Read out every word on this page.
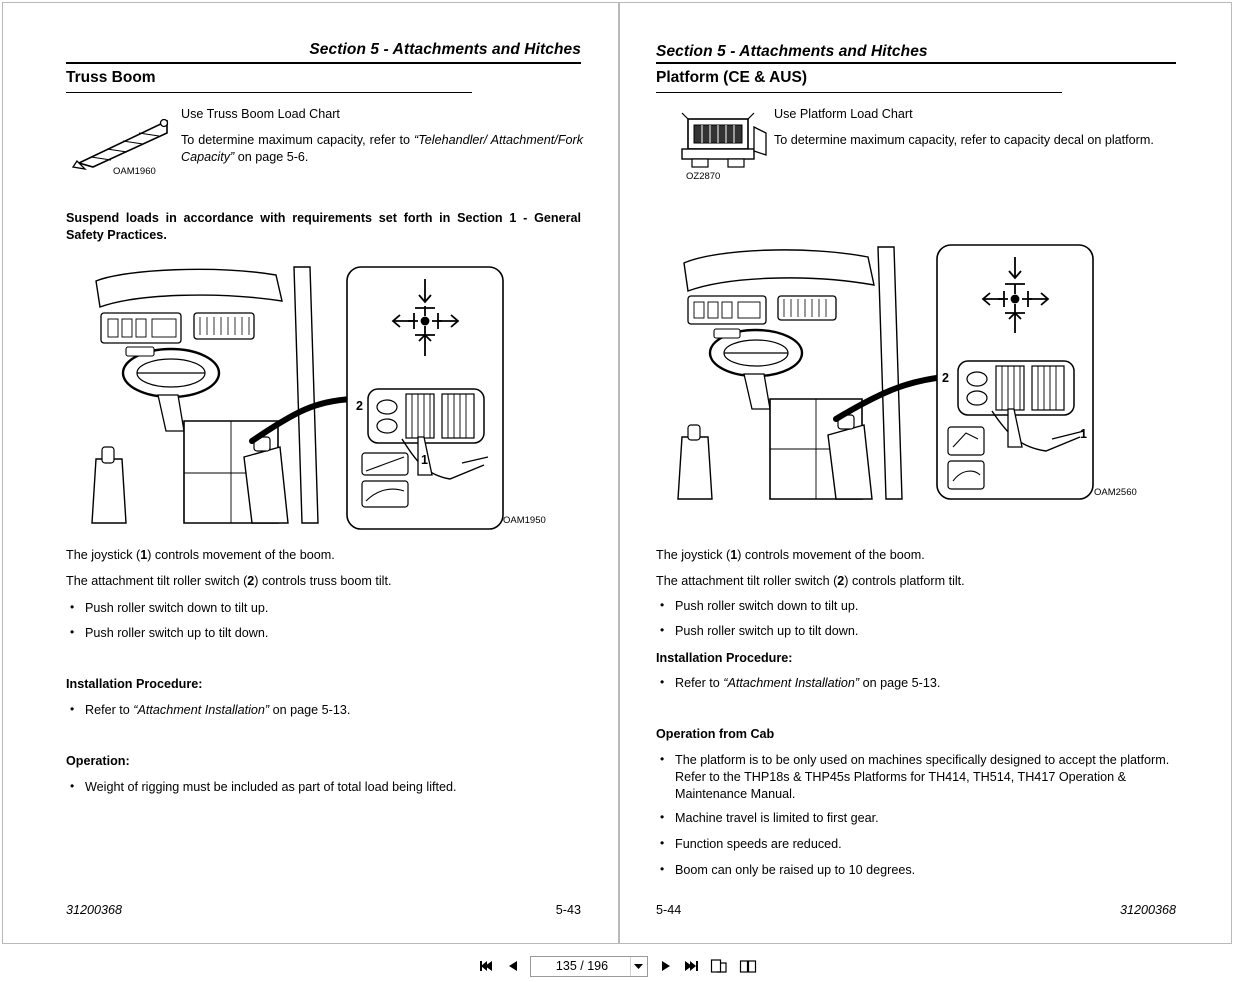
Section 5 - Attachments and Hitches
Truss Boom
OAM1960
Use Truss Boom Load Chart
To determine maximum capacity, refer to “Telehandler/ Attachment/Fork Capacity” on page 5-6.
Suspend loads in accordance with requirements set forth in Section 1 - General Safety Practices.
1
2
OAM1950
The joystick (1) controls movement of the boom.
The attachment tilt roller switch (2) controls truss boom tilt.
• Push roller switch down to tilt up.
• Push roller switch up to tilt down.
Installation Procedure:
• Refer to “Attachment Installation” on page 5-13.
Operation:
• Weight of rigging must be included as part of total load being lifted.
31200368	5-43
Section 5 - Attachments and Hitches
Platform (CE & AUS)
OZ2870
Use Platform Load Chart
To determine maximum capacity, refer to capacity decal on platform.
1
2
OAM2560
The joystick (1) controls movement of the boom.
The attachment tilt roller switch (2) controls platform tilt.
• Push roller switch down to tilt up.
• Push roller switch up to tilt down.
Installation Procedure:
• Refer to “Attachment Installation” on page 5-13.
Operation from Cab
• The platform is to be only used on machines specifically designed to accept the platform. Refer to the THP18s & THP45s Platforms for TH414, TH514, TH417 Operation & Maintenance Manual.
• Machine travel is limited to first gear.
• Function speeds are reduced.
• Boom can only be raised up to 10 degrees.
5-44	31200368
135 / 196
